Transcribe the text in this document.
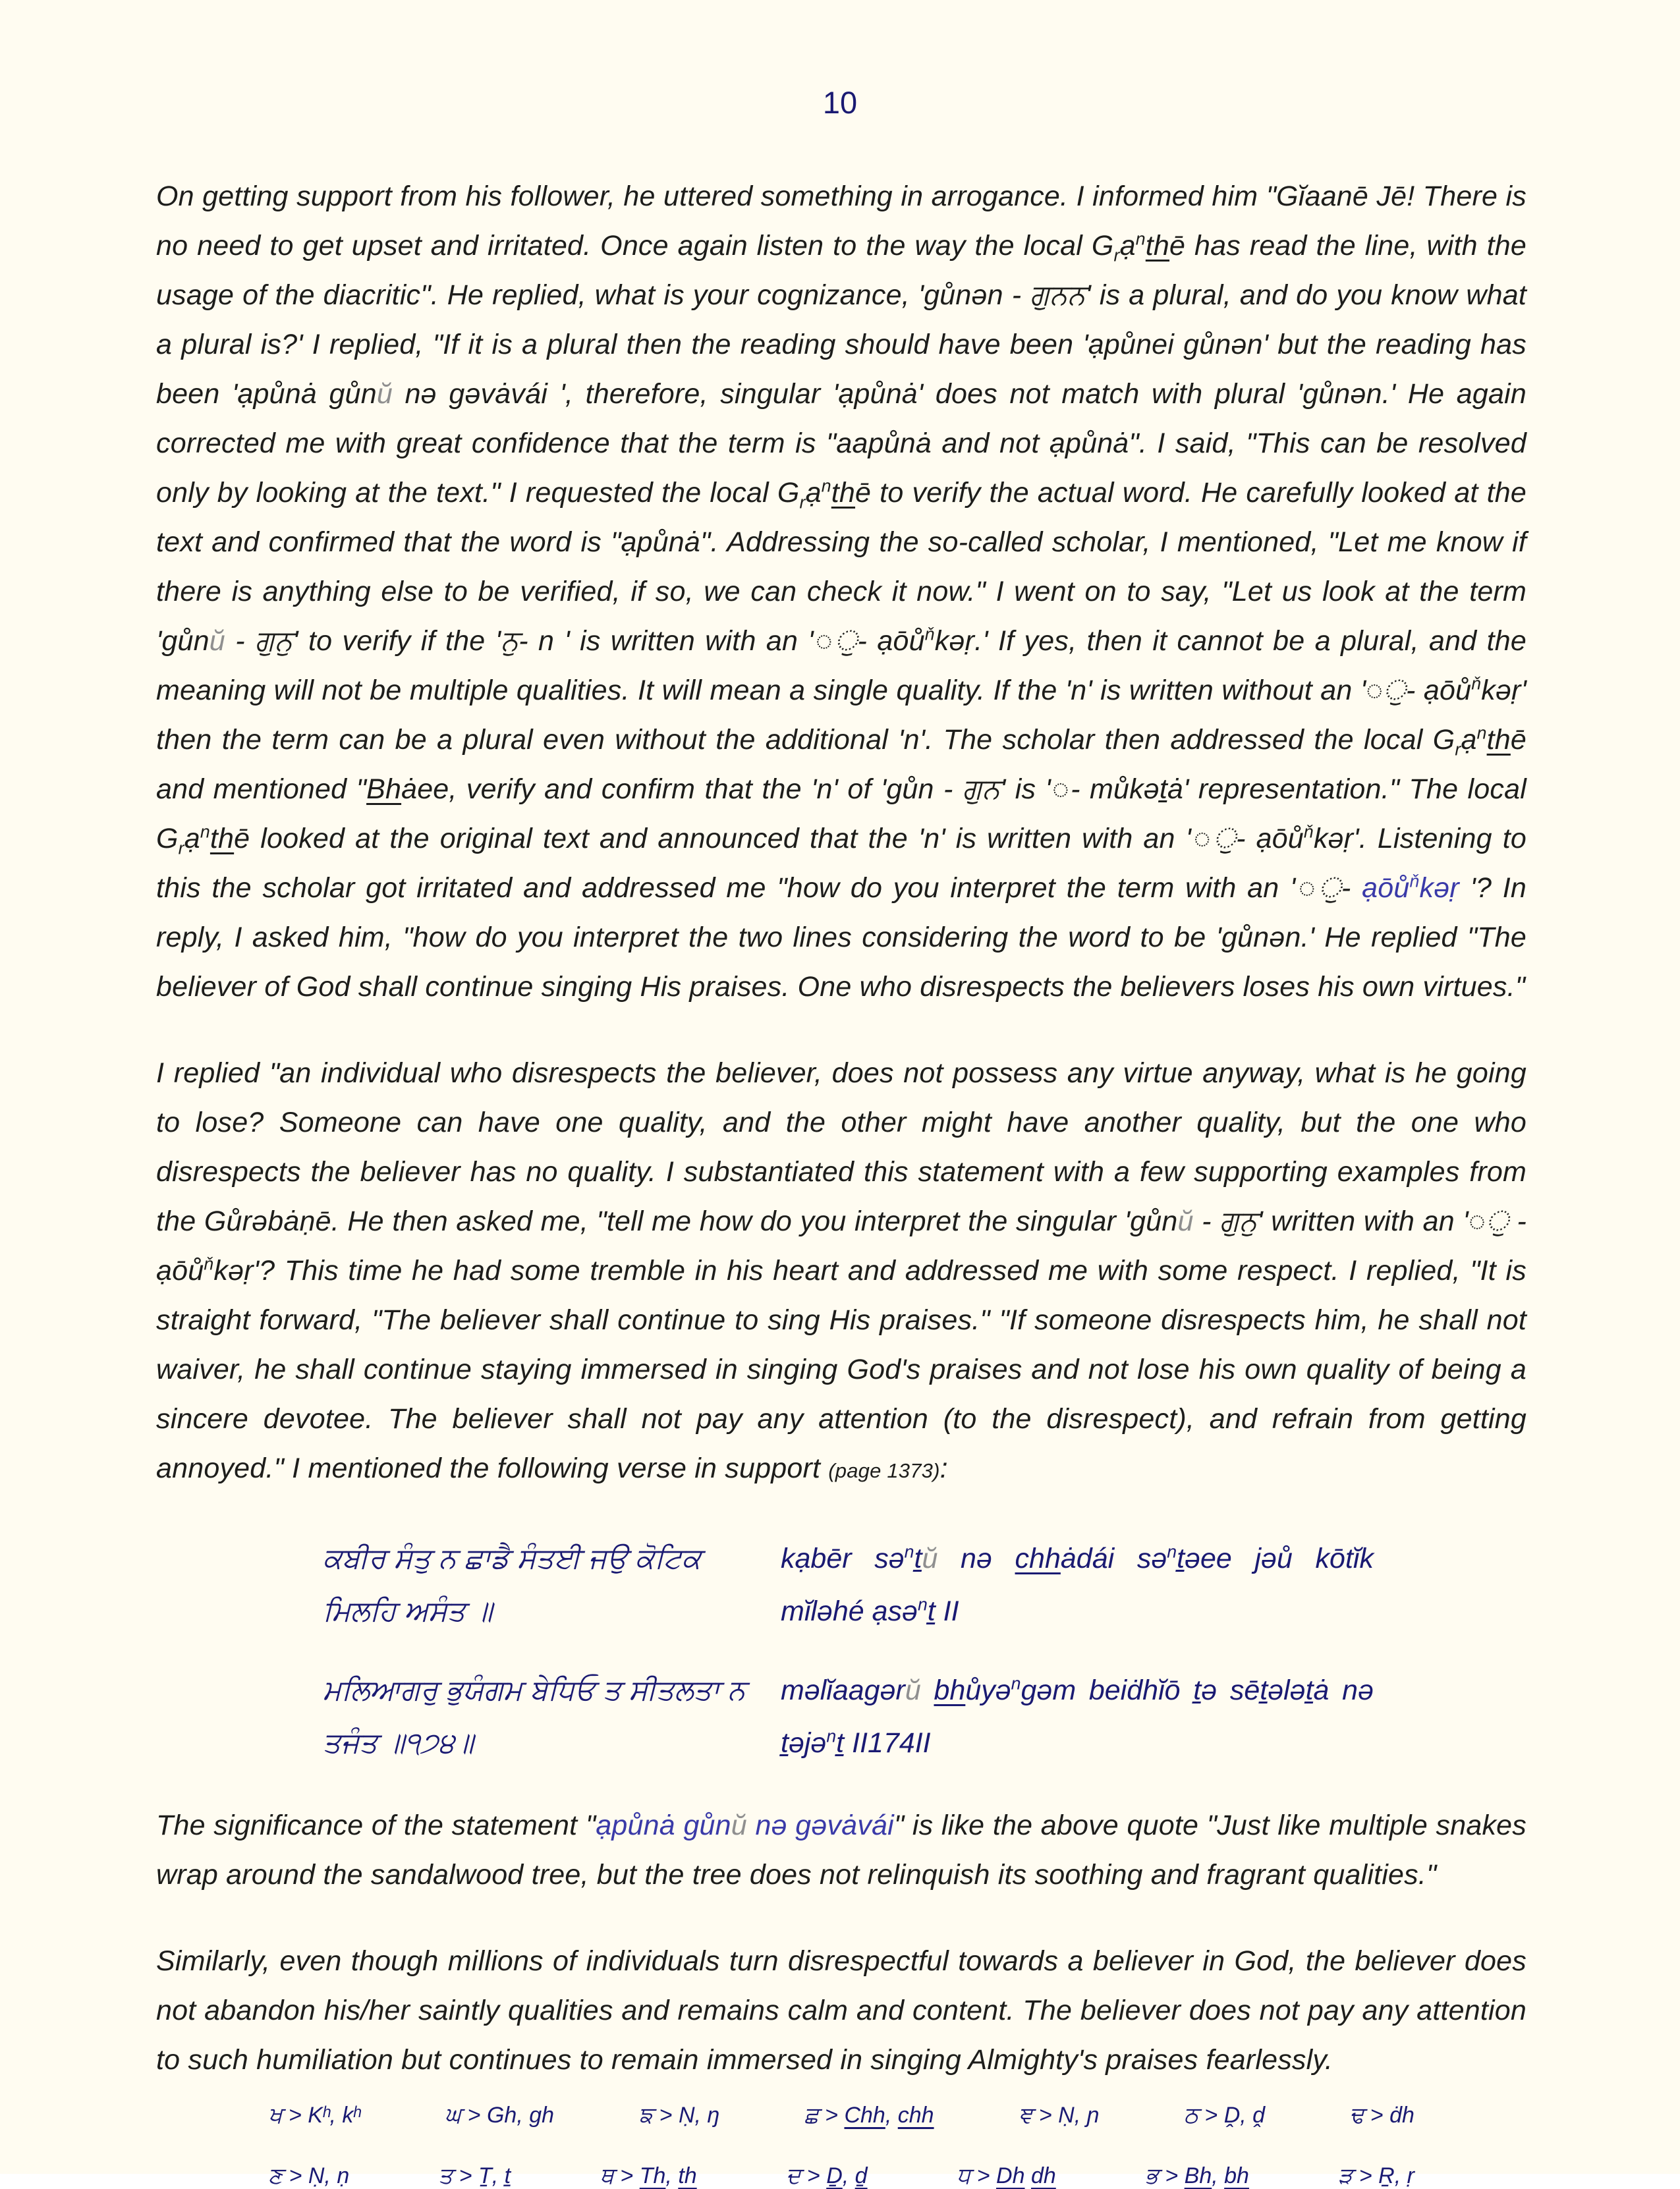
10

On getting support from his follower, he uttered something in arrogance. I informed him "Gĭaanē Jē! There is no need to get upset and irritated. Once again listen to the way the local $G_rạ^nthē$ has read the line, with the usage of the diacritic". He replied, what is your cognizance, 'gůnən - ਗੁਨਨ' is a plural, and do you know what a plural is?' I replied, "If it is a plural then the reading should have been 'ạpůnei gůnən' but the reading has been 'ạpůnȧ gůnŭ nə gəvȧvái ', therefore, singular 'ạpůnȧ' does not match with plural 'gůnən.' He again corrected me with great confidence that the term is "aapůnȧ and not ạpůnȧ". I said, "This can be resolved only by looking at the text." I requested the local $G_rạ^nthē$ to verify the actual word. He carefully looked at the text and confirmed that the word is "ạpůnȧ". Addressing the so-called scholar, I mentioned, "Let me know if there is anything else to be verified, if so, we can check it now." I went on to say, "Let us look at the term 'gůnŭ - ਗੁਨੁ' to verify if the 'ਨੁ- n ' is written with an '◌ੁ- ạōů$^ň$kəṛ.' If yes, then it cannot be a plural, and the meaning will not be multiple qualities. It will mean a single quality. If the 'n' is written without an '◌ੁ- ạōů$^ň$kəṛ' then the term can be a plural even without the additional 'n'. The scholar then addressed the local $G_rạ^nthē$ and mentioned "Bhȧee, verify and confirm that the 'n' of 'gůn - ਗੁਨ' is '◌- můkəṯȧ' representation." The local $G_rạ^nthē$ looked at the original text and announced that the 'n' is written with an '◌ੁ- ạōů$^ň$kəṛ'. Listening to this the scholar got irritated and addressed me "how do you interpret the term with an '◌ੁ- ạōů$^ň$kəṛ '? In reply, I asked him, "how do you interpret the two lines considering the word to be 'gůnən.' He replied "The believer of God shall continue singing His praises. One who disrespects the believers loses his own virtues."

I replied "an individual who disrespects the believer, does not possess any virtue anyway, what is he going to lose? Someone can have one quality, and the other might have another quality, but the one who disrespects the believer has no quality. I substantiated this statement with a few supporting examples from the Gůrəbȧṇē. He then asked me, "tell me how do you interpret the singular 'gůnŭ - ਗੁਨੁ' written with an '◌ੁ - ạōů$^ň$kəṛ'? This time he had some tremble in his heart and addressed me with some respect. I replied, "It is straight forward, "The believer shall continue to sing His praises." "If someone disrespects him, he shall not waiver, he shall continue staying immersed in singing God's praises and not lose his own quality of being a sincere devotee. The believer shall not pay any attention (to the disrespect), and refrain from getting annoyed." I mentioned the following verse in support (page 1373):

ਕਬੀਰ ਸੰਤੁ ਨ ਛਾਡੈ ਸੰਤਈ ਜਉ ਕੋਟਿਕ ਮਿਲਹਿ ਅਸੰਤ ॥
kạbēr sə$^n$ṯŭ nə chhȧdái sə$^n$ṯəee jəů kōtĭk mĭləhé ạsə$^n$ṯ II
ਮਲਿਆਗਰੁ ਭੁਯੰਗਮ ਬੇਧਿਓ ਤ ਸੀਤਲਤਾ ਨ ਤਜੰਤ ॥੧੭੪॥
məlĭaagərŭ bhůyə$^n$gəm beiḋhĭō ṯə sēṯələṯȧ nə ṯəjə$^n$ṯ II174II

The significance of the statement "ạpůnȧ gůnŭ nə gəvȧvái" is like the above quote "Just like multiple snakes wrap around the sandalwood tree, but the tree does not relinquish its soothing and fragrant qualities."

Similarly, even though millions of individuals turn disrespectful towards a believer in God, the believer does not abandon his/her saintly qualities and remains calm and content. The believer does not pay any attention to such humiliation but continues to remain immersed in singing Almighty's praises fearlessly.

ਖ > Kʰ, kʰ	ਘ > Gh, gh	ਙ > Ṇ, ŋ	ਛ > Chh, chh	ਞ > Ṇ, ɲ	ਠ > Ḓ, ḓ	ਢ > ḋh
ਣ > Ṇ, ṇ	ਤ > Ṯ, ṯ	ਥ > Th, th	ਦ > Ḏ, ḏ	ਧ > Dh dh	ਭ > Bh, bh	ੜ > Ṟ, ṛ
